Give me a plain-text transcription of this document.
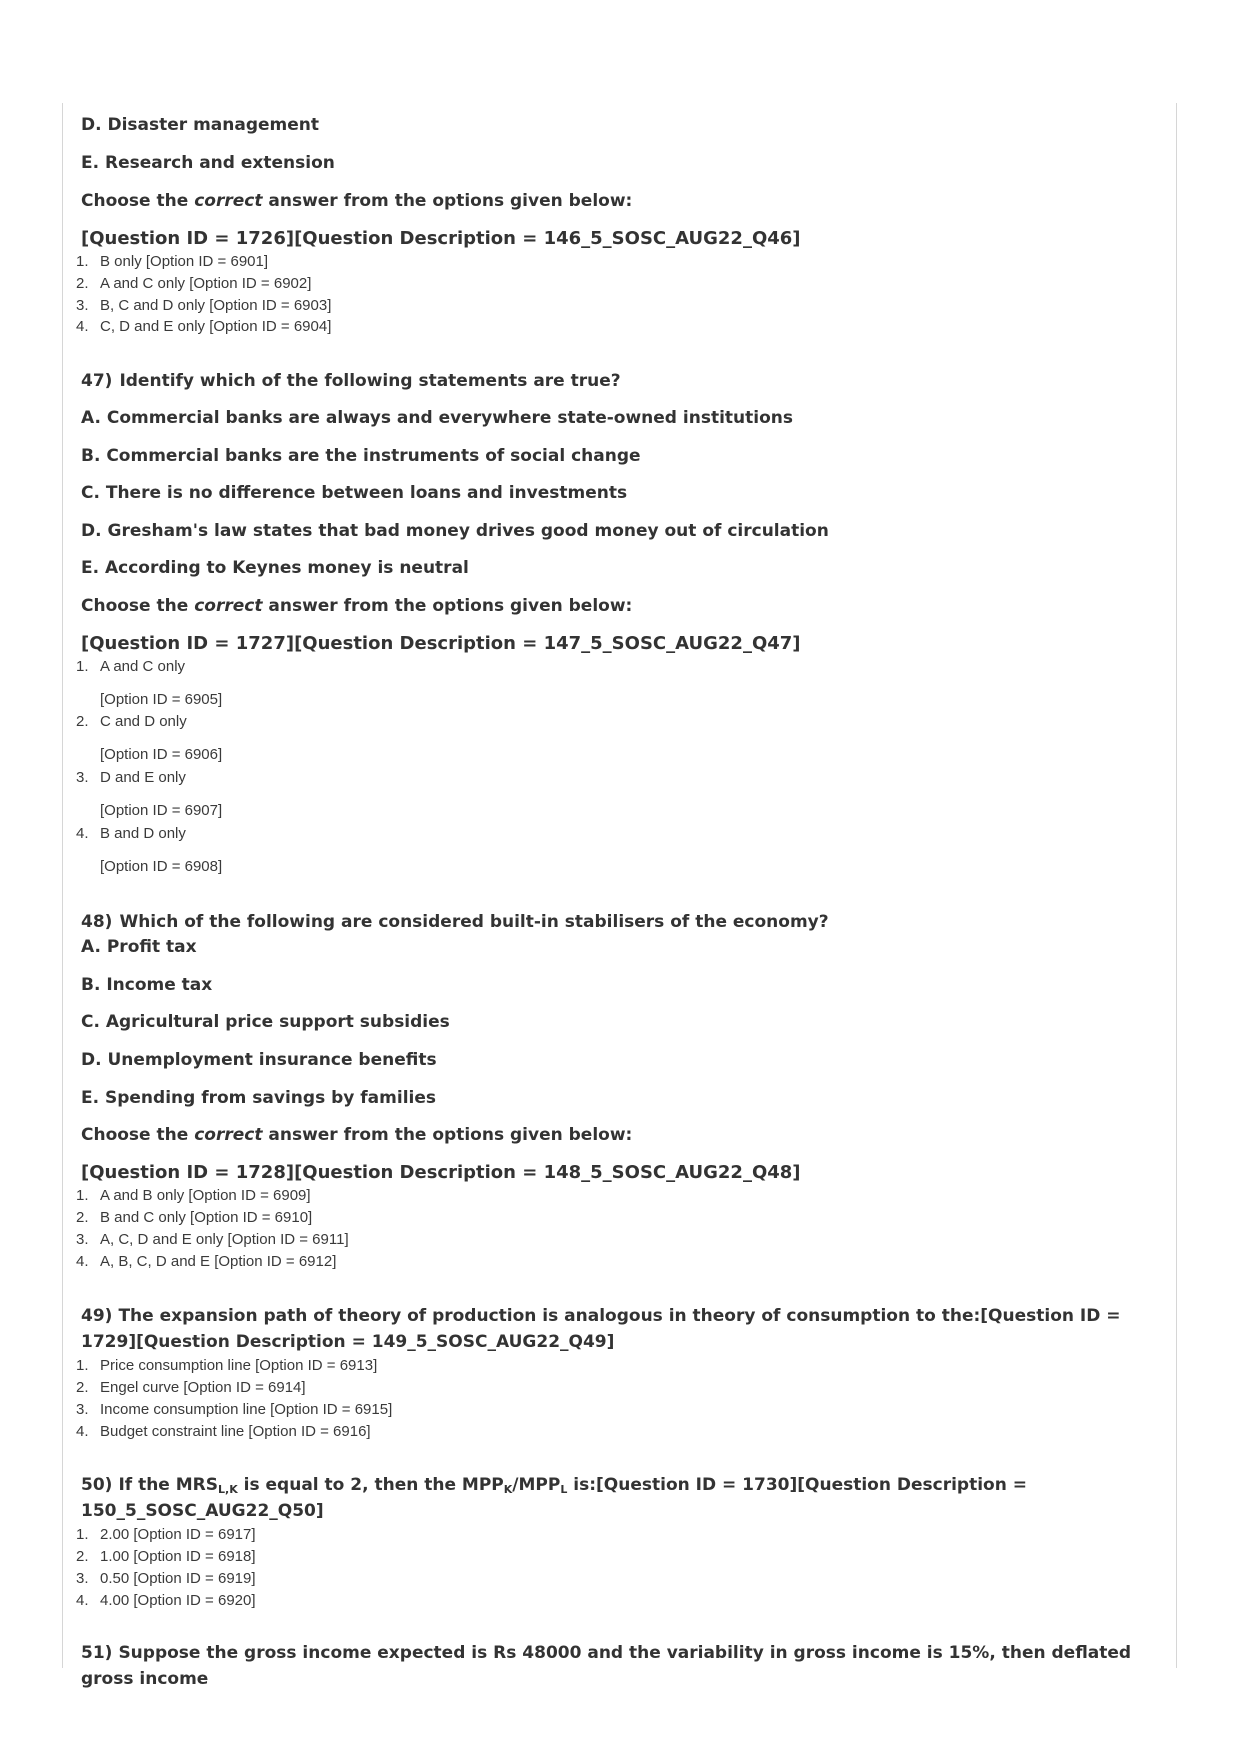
D. Disaster management
E. Research and extension
Choose the correct answer from the options given below:
[Question ID = 1726][Question Description = 146_5_SOSC_AUG22_Q46]
1. B only [Option ID = 6901]
2. A and C only [Option ID = 6902]
3. B, C and D only [Option ID = 6903]
4. C, D and E only [Option ID = 6904]
47) Identify which of the following statements are true?
A. Commercial banks are always and everywhere state-owned institutions
B. Commercial banks are the instruments of social change
C. There is no difference between loans and investments
D. Gresham's law states that bad money drives good money out of circulation
E. According to Keynes money is neutral
Choose the correct answer from the options given below:
[Question ID = 1727][Question Description = 147_5_SOSC_AUG22_Q47]
1. A and C only
[Option ID = 6905]
2. C and D only
[Option ID = 6906]
3. D and E only
[Option ID = 6907]
4. B and D only
[Option ID = 6908]
48) Which of the following are considered built-in stabilisers of the economy?
A. Profit tax
B. Income tax
C. Agricultural price support subsidies
D. Unemployment insurance benefits
E. Spending from savings by families
Choose the correct answer from the options given below:
[Question ID = 1728][Question Description = 148_5_SOSC_AUG22_Q48]
1. A and B only [Option ID = 6909]
2. B and C only [Option ID = 6910]
3. A, C, D and E only [Option ID = 6911]
4. A, B, C, D and E [Option ID = 6912]
49) The expansion path of theory of production is analogous in theory of consumption to the:[Question ID = 1729][Question Description = 149_5_SOSC_AUG22_Q49]
1. Price consumption line [Option ID = 6913]
2. Engel curve [Option ID = 6914]
3. Income consumption line [Option ID = 6915]
4. Budget constraint line [Option ID = 6916]
50) If the $MRS_{L,K}$ is equal to 2, then the $MPP_K/MPP_L$ is:[Question ID = 1730][Question Description = 150_5_SOSC_AUG22_Q50]
1. 2.00 [Option ID = 6917]
2. 1.00 [Option ID = 6918]
3. 0.50 [Option ID = 6919]
4. 4.00 [Option ID = 6920]
51) Suppose the gross income expected is Rs 48000 and the variability in gross income is 15%, then deflated gross income
